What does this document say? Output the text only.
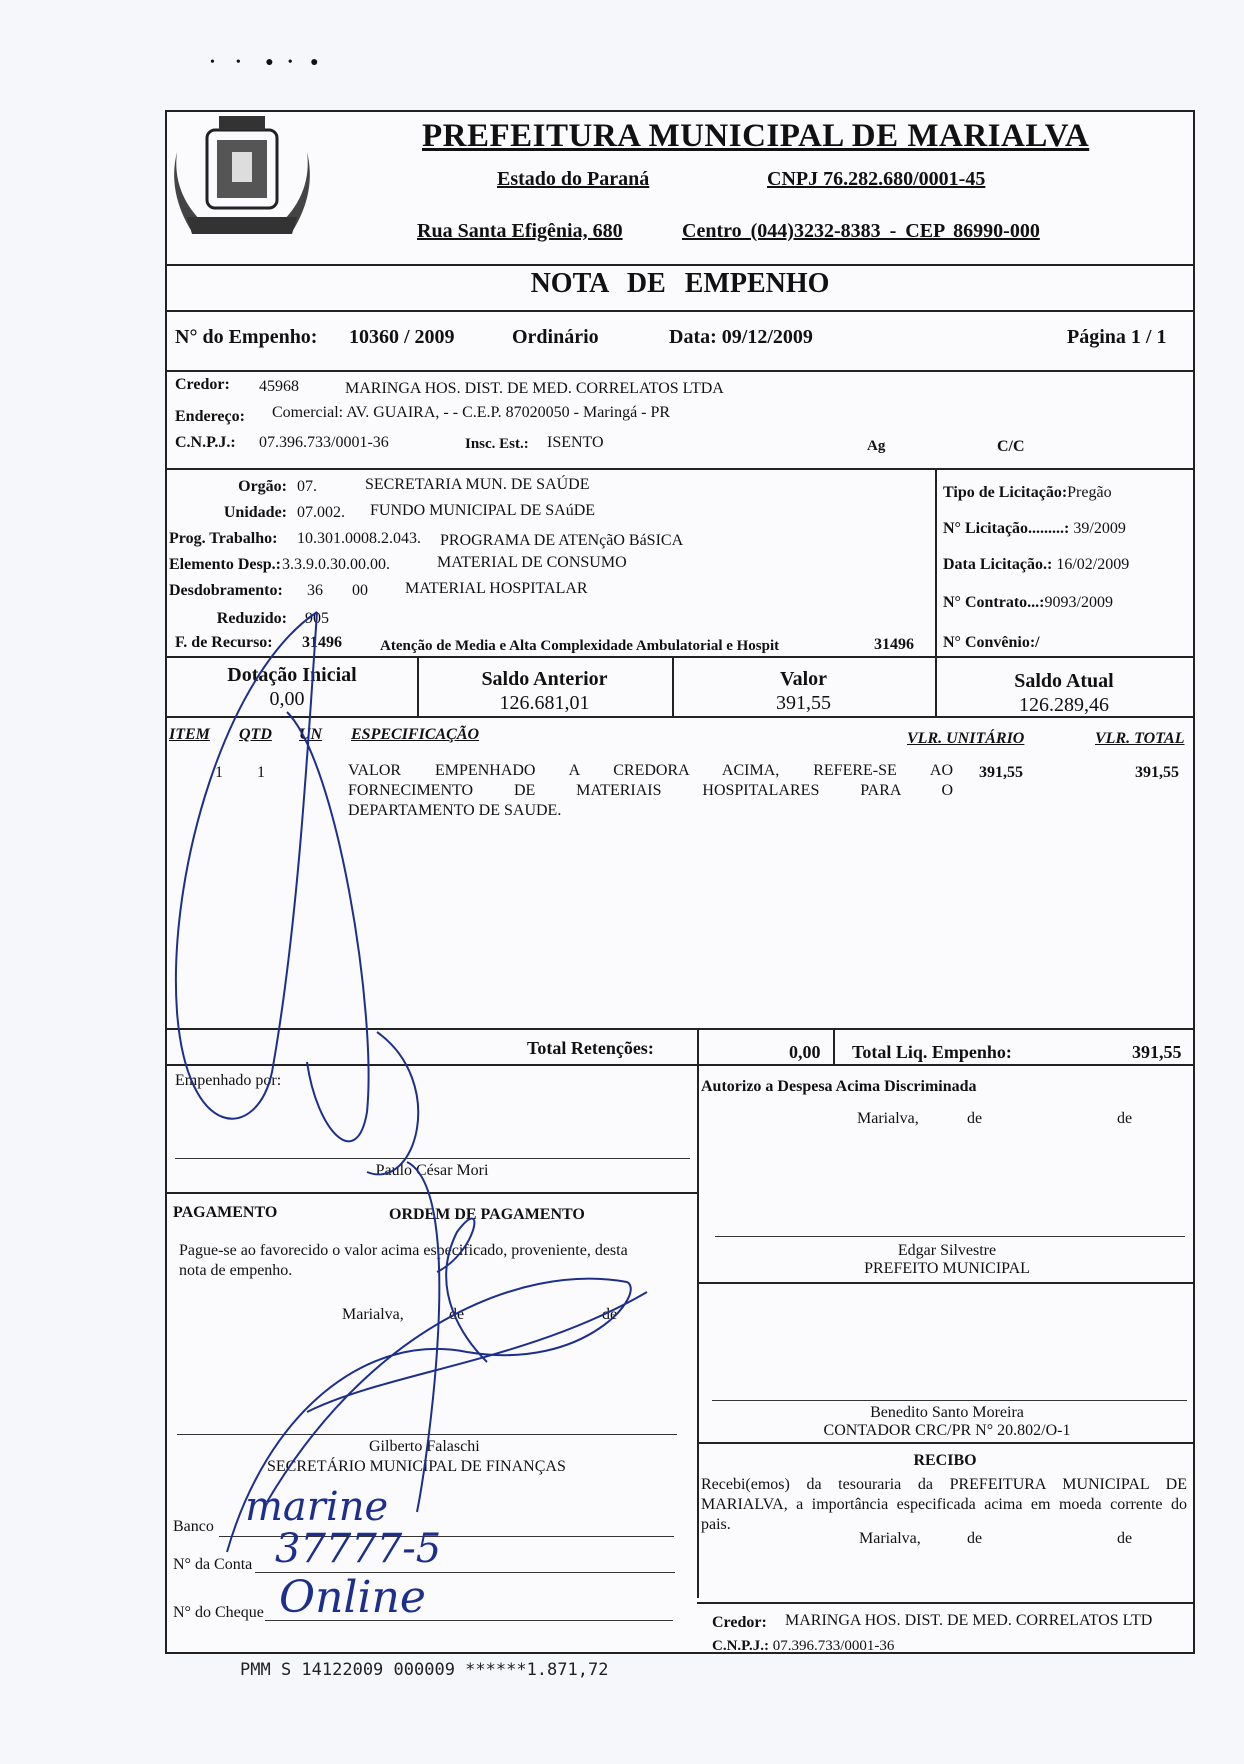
•      •       ●    •     ●
PREFEITURA MUNICIPAL DE MARIALVA
Estado do Paraná	CNPJ 76.282.680/0001-45
Rua Santa Efigênia, 680	Centro (044)3232-8383 - CEP 86990-000
NOTA DE EMPENHO
N° do Empenho: 10360 / 2009	Ordinário	Data: 09/12/2009	Página 1 / 1
Credor: 45968	MARINGA HOS. DIST. DE MED. CORRELATOS LTDA
Endereço: Comercial: AV. GUAIRA, - - C.E.P. 87020050 - Maringá - PR
C.N.P.J.: 07.396.733/0001-36	Insc. Est.: ISENTO	Ag	C/C
Orgão: 07.	SECRETARIA MUN. DE SAÚDE
Unidade: 07.002. FUNDO MUNICIPAL DE SAúDE
Prog. Trabalho: 10.301.0008.2.043. PROGRAMA DE ATENçãO BáSICA
Elemento Desp.: 3.3.9.0.30.00.00.	MATERIAL DE CONSUMO
Desdobramento: 36 00 MATERIAL HOSPITALAR
Reduzido: 905
F. de Recurso: 31496	Atenção de Media e Alta Complexidade Ambulatorial e Hospit	31496
Tipo de Licitação:Pregão
N° Licitação.........: 39/2009
Data Licitação.: 16/02/2009
N° Contrato...:9093/2009
N° Convênio:/
Dotação Inicial
0,00
Saldo Anterior
126.681,01
Valor
391,55
Saldo Atual
126.289,46
ITEM QTD UN ESPECIFICAÇÃO	VLR. UNITÁRIO	VLR. TOTAL
1 1	VALOR EMPENHADO A CREDORA ACIMA, REFERE-SE AO
FORNECIMENTO DE MATERIAIS HOSPITALARES PARA O
DEPARTAMENTO DE SAUDE.
391,55	391,55
Total Retenções:	0,00 Total Liq. Empenho:	391,55
Empenhado por:
Paulo César Mori
Autorizo a Despesa Acima Discriminada
Marialva,	de	de
PAGAMENTO	ORDEM DE PAGAMENTO
Pague-se ao favorecido o valor acima especificado, proveniente, desta
nota de empenho.
Marialva,	de	de
Gilberto Falaschi
SECRETÁRIO MUNICIPAL DE FINANÇAS
Edgar Silvestre
PREFEITO MUNICIPAL
Benedito Santo Moreira
CONTADOR CRC/PR N° 20.802/O-1
RECIBO
Recebi(emos) da tesouraria da PREFEITURA MUNICIPAL DE
MARIALVA, a importância especificada acima em moeda corrente do
pais.
Marialva,	de	de
Credor: MARINGA HOS. DIST. DE MED. CORRELATOS LTD
C.N.P.J.: 07.396.733/0001-36
Banco marine
N° da Conta 37777-5
N° do Cheque Online
PMM S 14122009 000009 ******1.871,72
